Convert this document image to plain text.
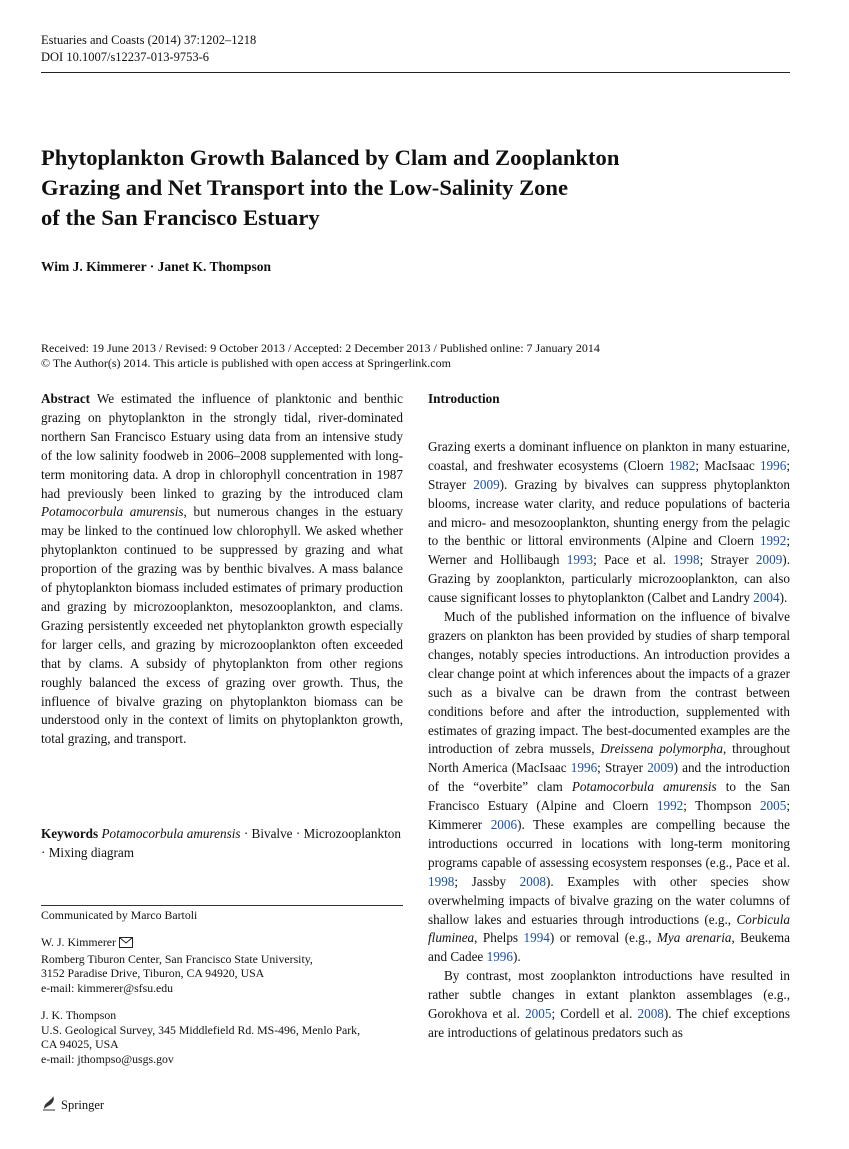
Estuaries and Coasts (2014) 37:1202–1218
DOI 10.1007/s12237-013-9753-6
Phytoplankton Growth Balanced by Clam and Zooplankton
Grazing and Net Transport into the Low-Salinity Zone
of the San Francisco Estuary
Wim J. Kimmerer · Janet K. Thompson
Received: 19 June 2013 / Revised: 9 October 2013 / Accepted: 2 December 2013 / Published online: 7 January 2014
© The Author(s) 2014. This article is published with open access at Springerlink.com

Abstract We estimated the influence of planktonic and benthic grazing on phytoplankton in the strongly tidal, river-dominated northern San Francisco Estuary using data from an intensive study of the low salinity foodweb in 2006–2008 supplemented with long-term monitoring data. A drop in chlorophyll concentration in 1987 had previously been linked to grazing by the introduced clam Potamocorbula amurensis, but numerous changes in the estuary may be linked to the continued low chlorophyll. We asked whether phytoplankton continued to be suppressed by grazing and what proportion of the grazing was by benthic bivalves. A mass balance of phytoplankton biomass included estimates of primary production and grazing by microzooplankton, mesozooplankton, and clams. Grazing persistently exceeded net phytoplankton growth especially for larger cells, and grazing by microzooplankton often exceeded that by clams. A subsidy of phytoplankton from other regions roughly balanced the excess of grazing over growth. Thus, the influence of bivalve grazing on phytoplankton biomass can be understood only in the context of limits on phytoplankton growth, total grazing, and transport.

Keywords Potamocorbula amurensis · Bivalve · Microzooplankton · Mixing diagram
Communicated by Marco Bartoli
W. J. Kimmerer
Romberg Tiburon Center, San Francisco State University,
3152 Paradise Drive, Tiburon, CA 94920, USA
e-mail: kimmerer@sfsu.edu
J. K. Thompson
U.S. Geological Survey, 345 Middlefield Rd. MS-496, Menlo Park,
CA 94025, USA
e-mail: jthompso@usgs.gov
Springer

Introduction

Grazing exerts a dominant influence on plankton in many estuarine, coastal, and freshwater ecosystems (Cloern 1982; MacIsaac 1996; Strayer 2009). Grazing by bivalves can suppress phytoplankton blooms, increase water clarity, and reduce populations of bacteria and micro- and mesozooplankton, shunting energy from the pelagic to the benthic or littoral environments (Alpine and Cloern 1992; Werner and Hollibaugh 1993; Pace et al. 1998; Strayer 2009). Grazing by zooplankton, particularly microzooplankton, can also cause significant losses to phytoplankton (Calbet and Landry 2004).

Much of the published information on the influence of bivalve grazers on plankton has been provided by studies of sharp temporal changes, notably species introductions. An introduction provides a clear change point at which inferences about the impacts of a grazer such as a bivalve can be drawn from the contrast between conditions before and after the introduction, supplemented with estimates of grazing impact. The best-documented examples are the introduction of zebra mussels, Dreissena polymorpha, throughout North America (MacIsaac 1996; Strayer 2009) and the introduction of the “overbite” clam Potamocorbula amurensis to the San Francisco Estuary (Alpine and Cloern 1992; Thompson 2005; Kimmerer 2006). These examples are compelling because the introductions occurred in locations with long-term monitoring programs capable of assessing ecosystem responses (e.g., Pace et al. 1998; Jassby 2008). Examples with other species show overwhelming impacts of bivalve grazing on the water columns of shallow lakes and estuaries through introductions (e.g., Corbicula fluminea, Phelps 1994) or removal (e.g., Mya arenaria, Beukema and Cadee 1996).

By contrast, most zooplankton introductions have resulted in rather subtle changes in extant plankton assemblages (e.g., Gorokhova et al. 2005; Cordell et al. 2008). The chief exceptions are introductions of gelatinous predators such as
